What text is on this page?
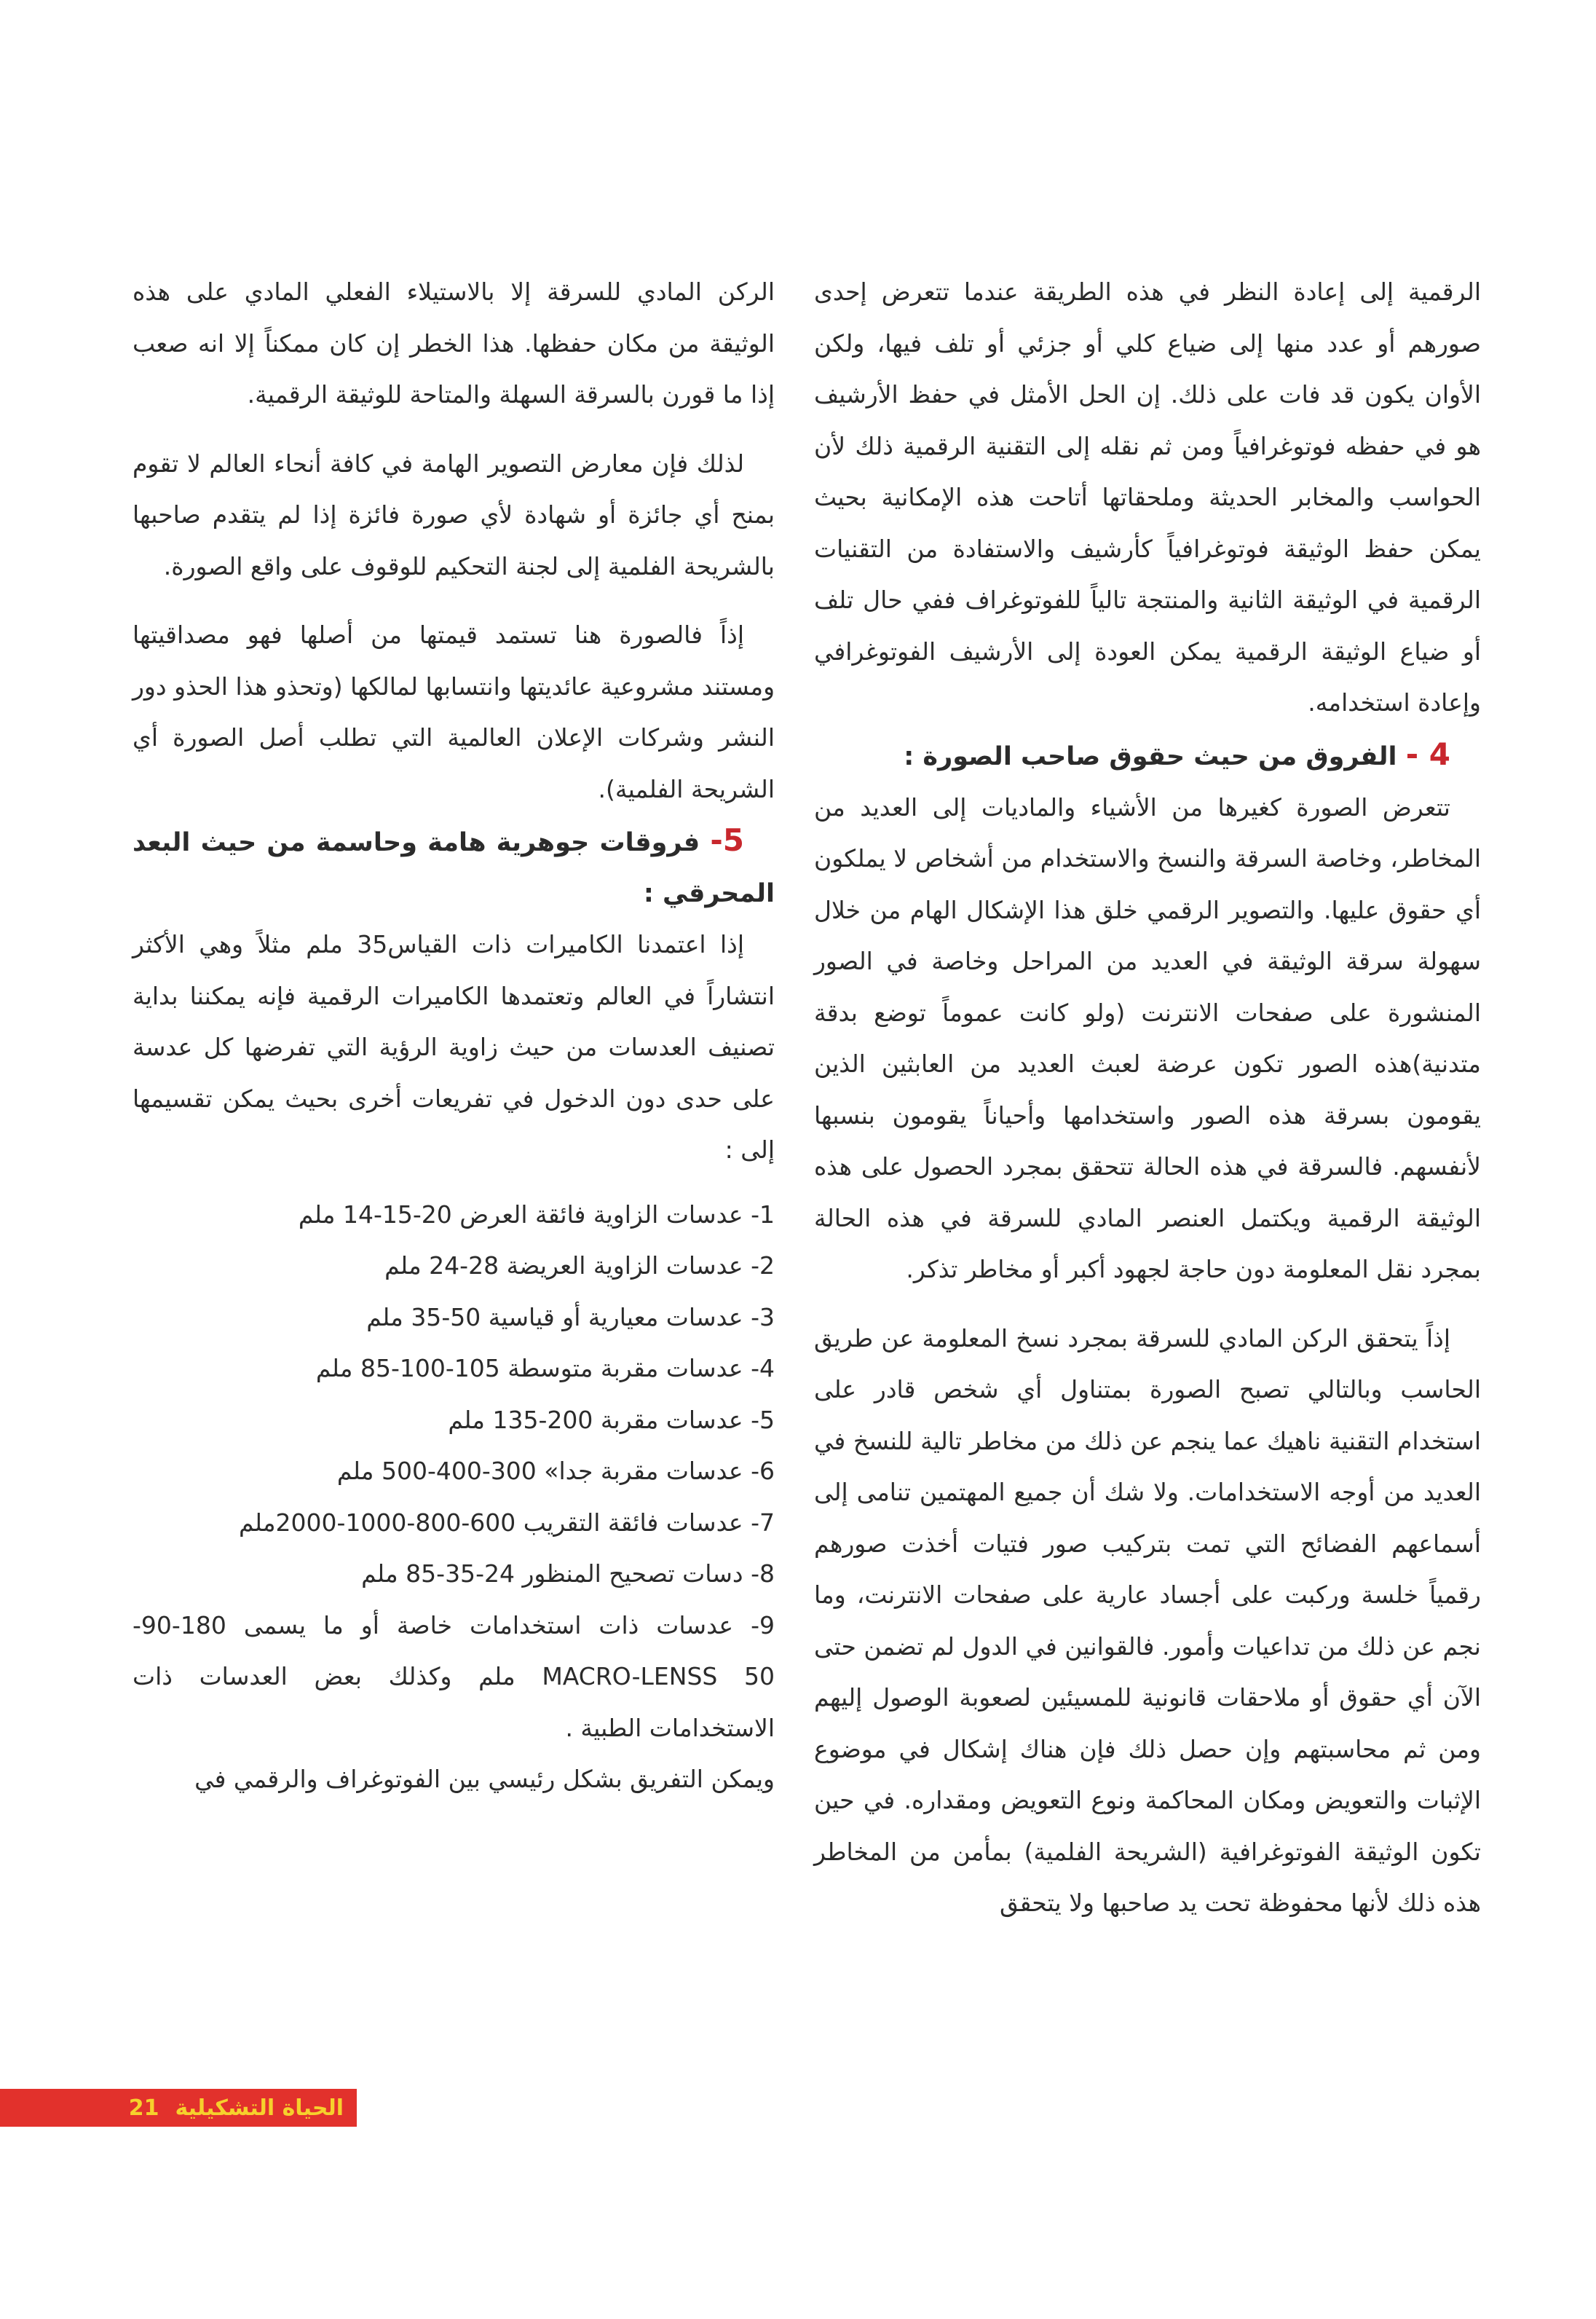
الرقمية إلى إعادة النظر في هذه الطريقة عندما تتعرض إحدى صورهم أو عدد منها إلى ضياع كلي أو جزئي أو تلف فيها، ولكن الأوان يكون قد فات على ذلك. إن الحل الأمثل في حفظ الأرشيف هو في حفظه فوتوغرافياً ومن ثم نقله إلى التقنية الرقمية ذلك لأن الحواسب والمخابر الحديثة وملحقاتها أتاحت هذه الإمكانية بحيث يمكن حفظ الوثيقة فوتوغرافياً كأرشيف والاستفادة من التقنيات الرقمية في الوثيقة الثانية والمنتجة تالياً للفوتوغراف ففي حال تلف أو ضياع الوثيقة الرقمية يمكن العودة إلى الأرشيف الفوتوغرافي وإعادة استخدامه.

4 - الفروق من حيث حقوق صاحب الصورة :

تتعرض الصورة كغيرها من الأشياء والماديات إلى العديد من المخاطر، وخاصة السرقة والنسخ والاستخدام من أشخاص لا يملكون أي حقوق عليها. والتصوير الرقمي خلق هذا الإشكال الهام من خلال سهولة سرقة الوثيقة في العديد من المراحل وخاصة في الصور المنشورة على صفحات الانترنت (ولو كانت عموماً توضع بدقة متدنية)هذه الصور تكون عرضة لعبث العديد من العابثين الذين يقومون بسرقة هذه الصور واستخدامها وأحياناً يقومون بنسبها لأنفسهم. فالسرقة في هذه الحالة تتحقق بمجرد الحصول على هذه الوثيقة الرقمية ويكتمل العنصر المادي للسرقة في هذه الحالة بمجرد نقل المعلومة دون حاجة لجهود أكبر أو مخاطر تذكر.

إذاً يتحقق الركن المادي للسرقة بمجرد نسخ المعلومة عن طريق الحاسب وبالتالي تصبح الصورة بمتناول أي شخص قادر على استخدام التقنية ناهيك عما ينجم عن ذلك من مخاطر تالية للنسخ في العديد من أوجه الاستخدامات. ولا شك أن جميع المهتمين تنامى إلى أسماعهم الفضائح التي تمت بتركيب صور فتيات أخذت صورهم رقمياً خلسة وركبت على أجساد عارية على صفحات الانترنت، وما نجم عن ذلك من تداعيات وأمور. فالقوانين في الدول لم تضمن حتى الآن أي حقوق أو ملاحقات قانونية للمسيئين لصعوبة الوصول إليهم ومن ثم محاسبتهم وإن حصل ذلك فإن هناك إشكال في موضوع الإثبات والتعويض ومكان المحاكمة ونوع التعويض ومقداره. في حين تكون الوثيقة الفوتوغرافية (الشريحة الفلمية) بمأمن من المخاطر هذه ذلك لأنها محفوظة تحت يد صاحبها ولا يتحقق

الركن المادي للسرقة إلا بالاستيلاء الفعلي المادي على هذه الوثيقة من مكان حفظها. هذا الخطر إن كان ممكناً إلا انه صعب إذا ما قورن بالسرقة السهلة والمتاحة للوثيقة الرقمية.

لذلك فإن معارض التصوير الهامة في كافة أنحاء العالم لا تقوم بمنح أي جائزة أو شهادة لأي صورة فائزة إذا لم يتقدم صاحبها بالشريحة الفلمية إلى لجنة التحكيم للوقوف على واقع الصورة.

إذاً فالصورة هنا تستمد قيمتها من أصلها فهو مصداقيتها ومستند مشروعية عائديتها وانتسابها لمالكها (وتحذو هذا الحذو دور النشر وشركات الإعلان العالمية التي تطلب أصل الصورة أي الشريحة الفلمية).

5- فروقات جوهرية هامة وحاسمة من حيث البعد المحرقي :

إذا اعتمدنا الكاميرات ذات القياس35 ملم مثلاً وهي الأكثر انتشاراً في العالم وتعتمدها الكاميرات الرقمية فإنه يمكننا بداية تصنيف العدسات من حيث زاوية الرؤية التي تفرضها كل عدسة على حدى دون الدخول في تفريعات أخرى بحيث يمكن تقسيمها إلى :

1- عدسات الزاوية فائقة العرض 20-15-14 ملم

2- عدسات الزاوية العريضة 28-24 ملم

3- عدسات معيارية أو قياسية 50-35 ملم

4- عدسات مقربة متوسطة 105-100-85 ملم

5- عدسات مقربة 200-135 ملم

6- عدسات مقربة جدا» 300-400-500 ملم

7- عدسات فائقة التقريب 600-800-1000-2000ملم

8- دسات تصحيح المنظور 24-35-85 ملم

9- عدسات ذات استخدامات خاصة أو ما يسمى 180-90-MACRO-LENSS 50 ملم وكذلك بعض العدسات ذات الاستخدامات الطبية .

ويمكن التفريق بشكل رئيسي بين الفوتوغراف والرقمي في

الحياة التشكيلية
21
